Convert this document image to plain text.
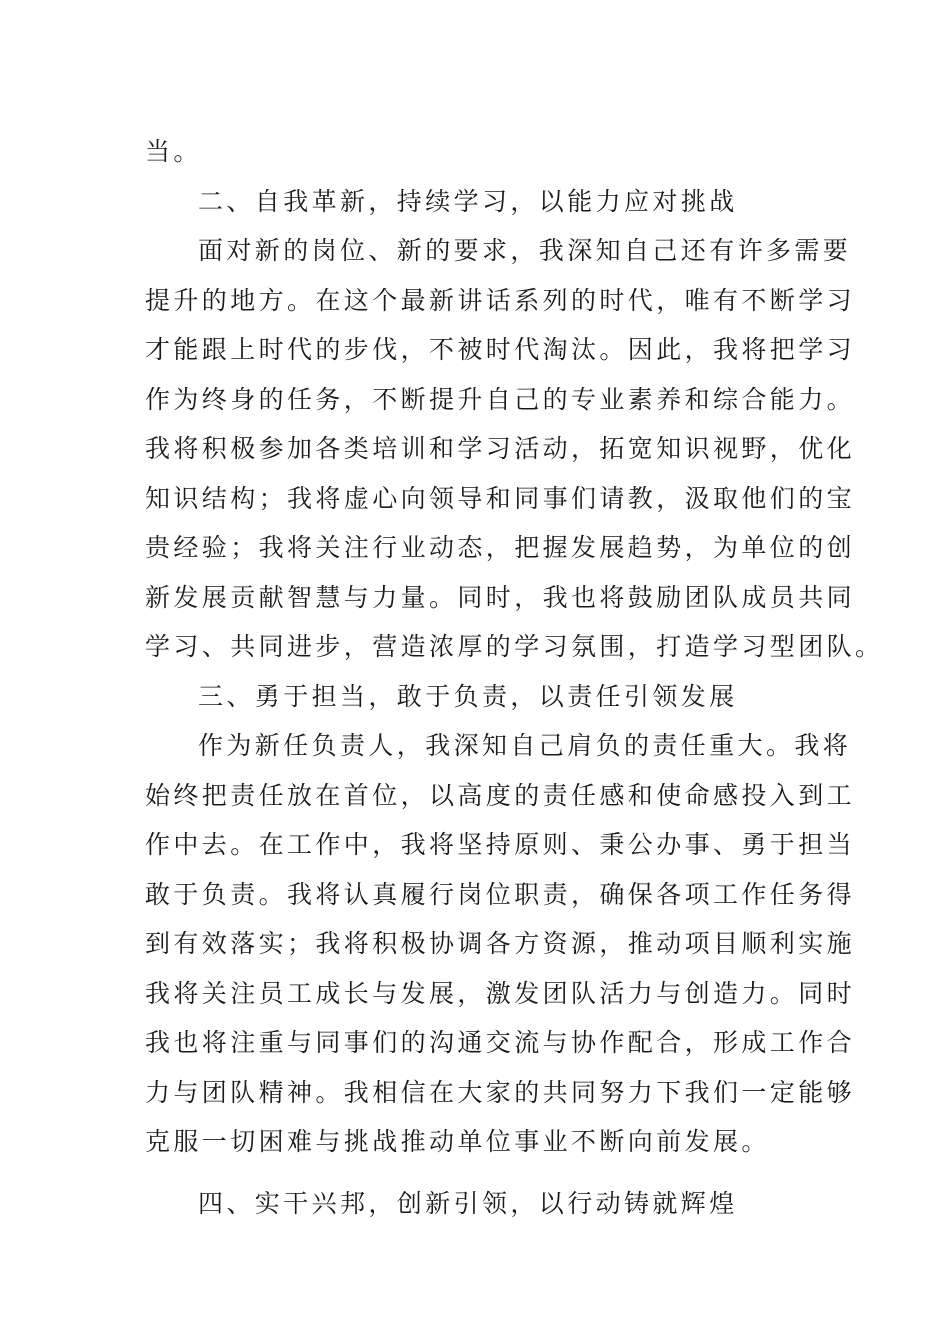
当。
二、自我革新，持续学习，以能力应对挑战
面对新的岗位、新的要求，我深知自己还有许多需要
提升的地方。在这个最新讲话系列的时代，唯有不断学习
才能跟上时代的步伐，不被时代淘汰。因此，我将把学习
作为终身的任务，不断提升自己的专业素养和综合能力。
我将积极参加各类培训和学习活动，拓宽知识视野，优化
知识结构；我将虚心向领导和同事们请教，汲取他们的宝
贵经验；我将关注行业动态，把握发展趋势，为单位的创
新发展贡献智慧与力量。同时，我也将鼓励团队成员共同
学习、共同进步，营造浓厚的学习氛围，打造学习型团队。
三、勇于担当，敢于负责，以责任引领发展
作为新任负责人，我深知自己肩负的责任重大。我将
始终把责任放在首位，以高度的责任感和使命感投入到工
作中去。在工作中，我将坚持原则、秉公办事、勇于担当
敢于负责。我将认真履行岗位职责，确保各项工作任务得
到有效落实；我将积极协调各方资源，推动项目顺利实施
我将关注员工成长与发展，激发团队活力与创造力。同时
我也将注重与同事们的沟通交流与协作配合，形成工作合
力与团队精神。我相信在大家的共同努力下我们一定能够
克服一切困难与挑战推动单位事业不断向前发展。
四、实干兴邦，创新引领，以行动铸就辉煌
